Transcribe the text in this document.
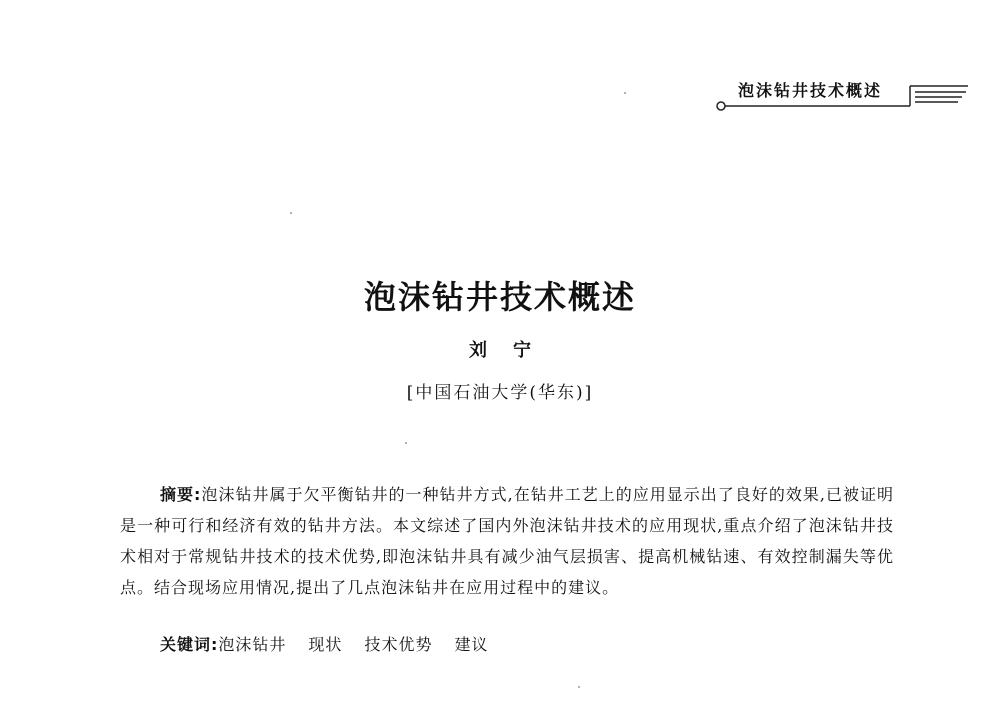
泡沫钻井技术概述
泡沫钻井技术概述
刘宁
[中国石油大学(华东)]

摘要:泡沫钻井属于欠平衡钻井的一种钻井方式,在钻井工艺上的应用显示出了良好的效果,已被证明是一种可行和经济有效的钻井方法。本文综述了国内外泡沫钻井技术的应用现状,重点介绍了泡沫钻井技术相对于常规钻井技术的技术优势,即泡沫钻井具有减少油气层损害、提高机械钻速、有效控制漏失等优点。结合现场应用情况,提出了几点泡沫钻井在应用过程中的建议。

关键词:泡沫钻井 现状 技术优势 建议
